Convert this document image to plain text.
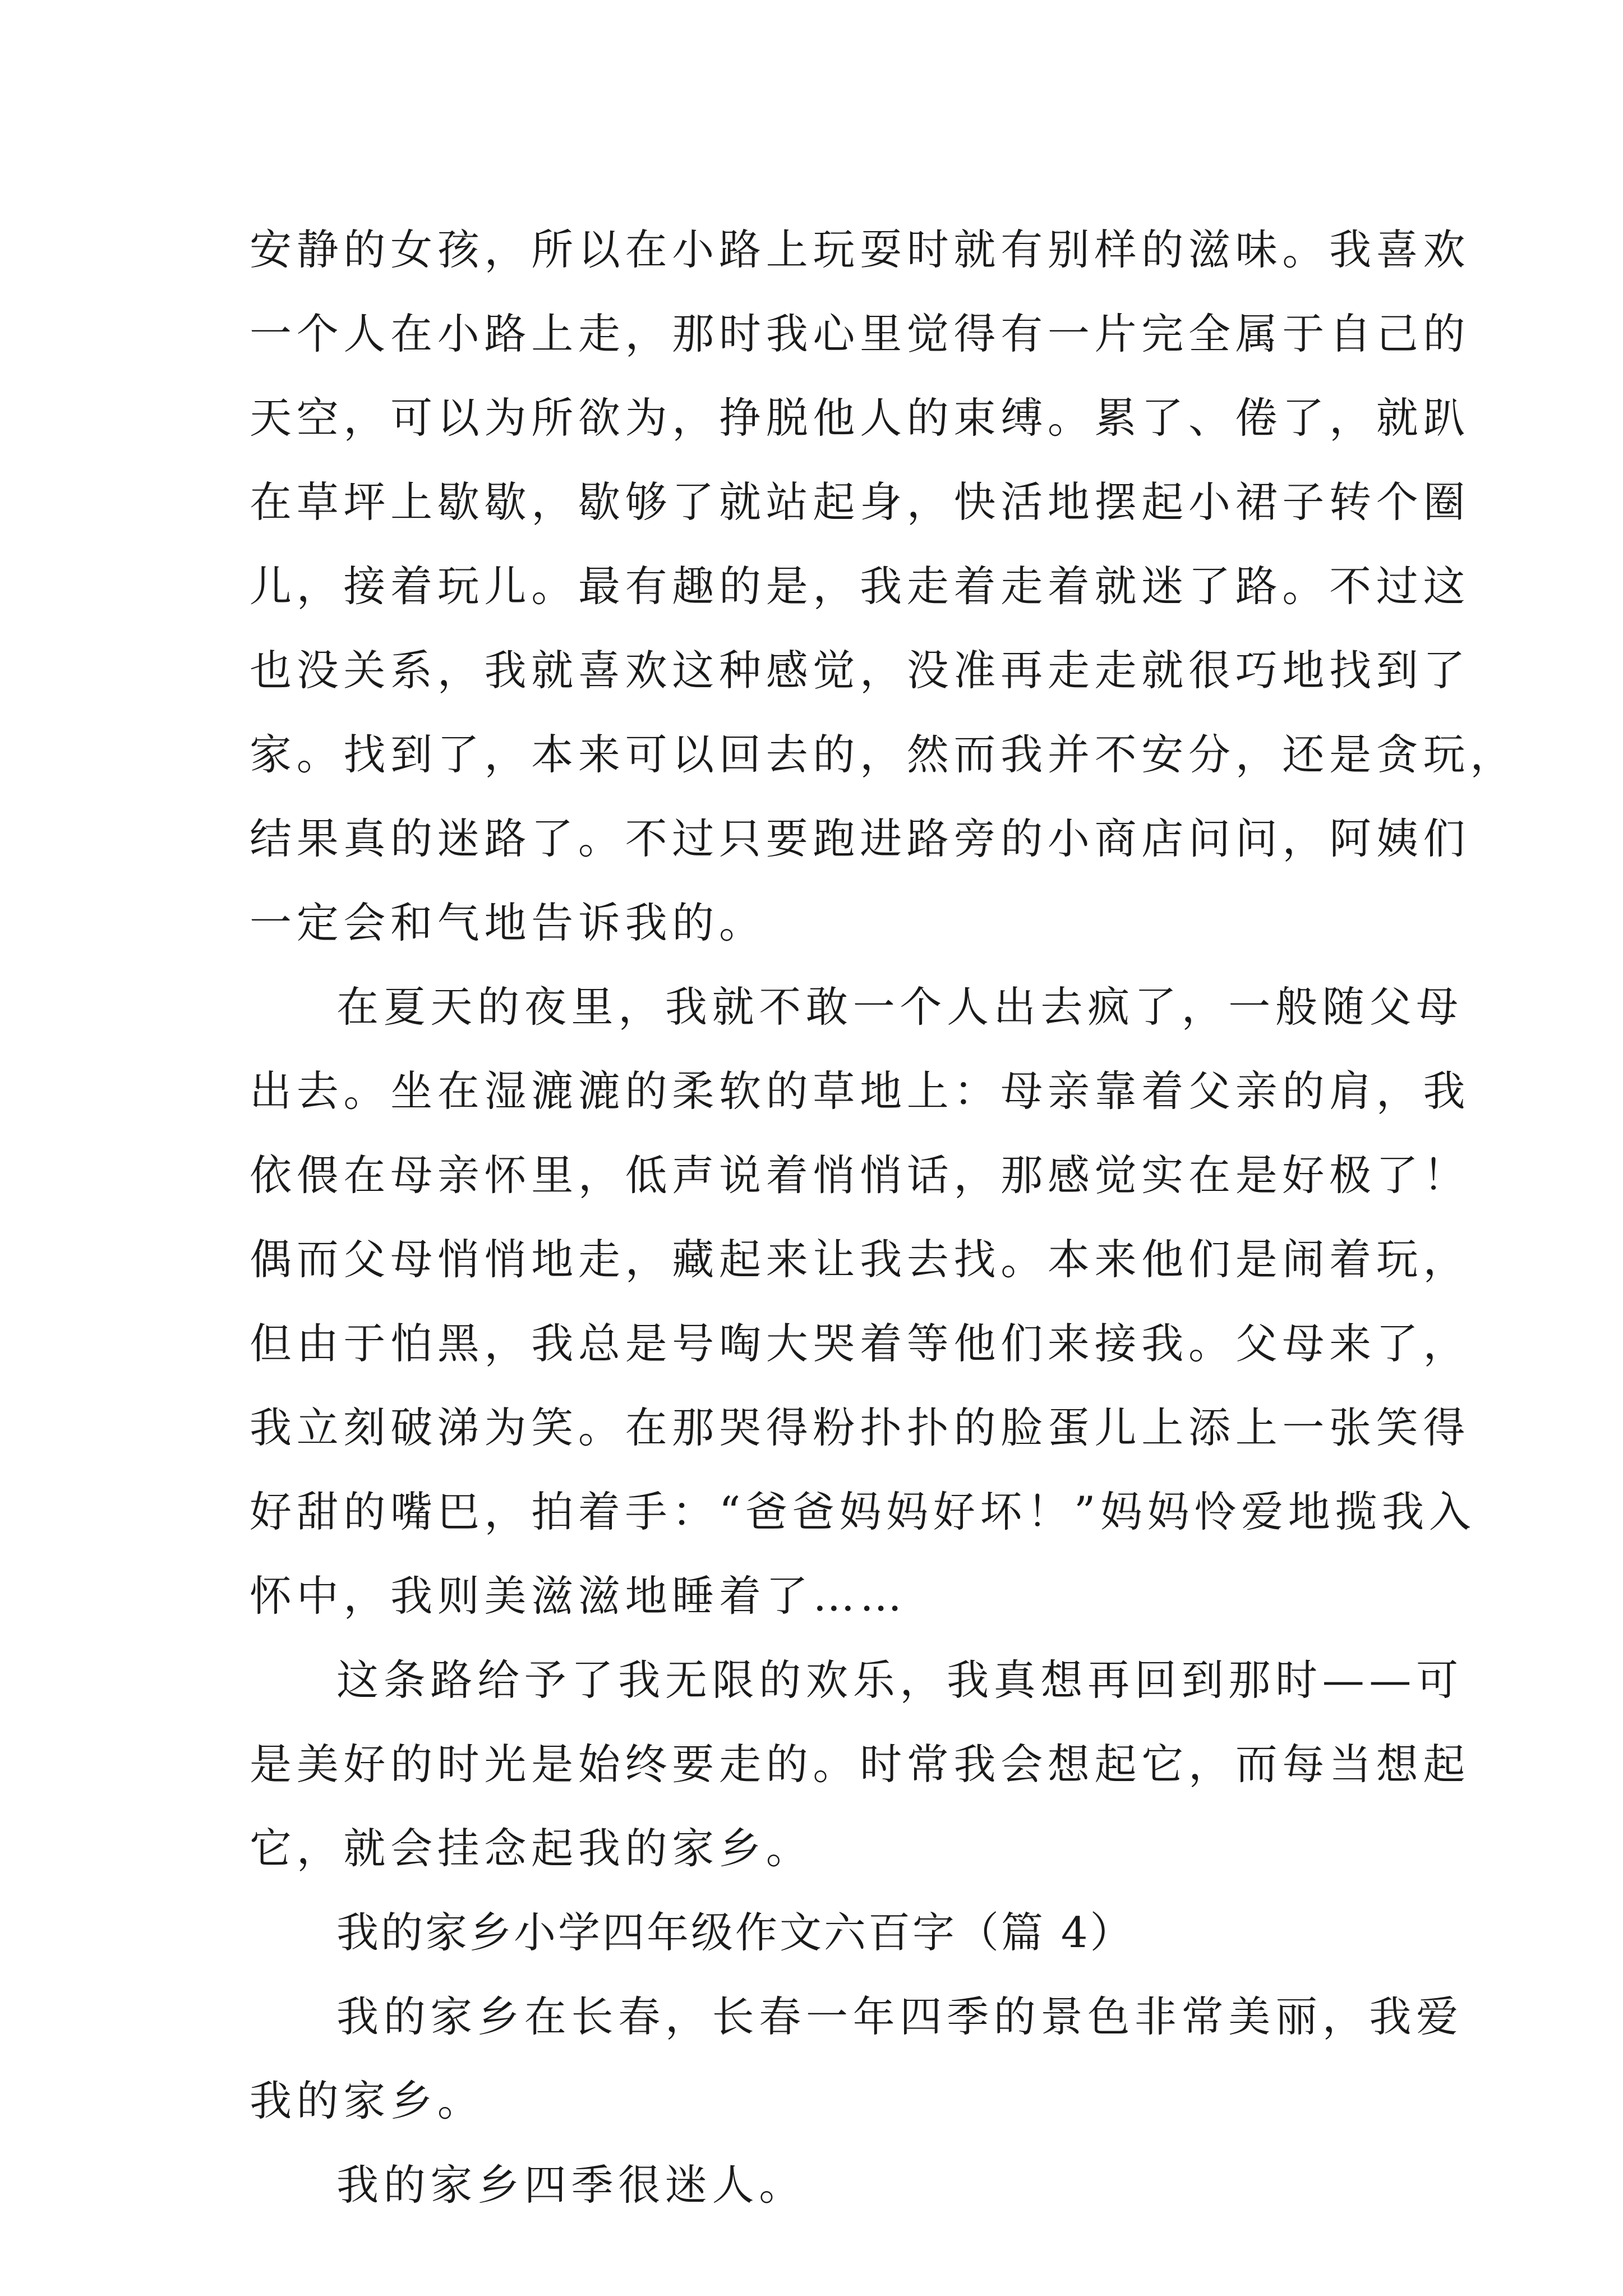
安静的女孩，所以在小路上玩耍时就有别样的滋味。我喜欢
一个人在小路上走，那时我心里觉得有一片完全属于自己的
天空，可以为所欲为，挣脱他人的束缚。累了、倦了，就趴
在草坪上歇歇，歇够了就站起身，快活地摆起小裙子转个圈
儿，接着玩儿。最有趣的是，我走着走着就迷了路。不过这
也没关系，我就喜欢这种感觉，没准再走走就很巧地找到了
家。找到了，本来可以回去的，然而我并不安分，还是贪玩，
结果真的迷路了。不过只要跑进路旁的小商店问问，阿姨们
一定会和气地告诉我的。
在夏天的夜里，我就不敢一个人出去疯了，一般随父母
出去。坐在湿漉漉的柔软的草地上：母亲靠着父亲的肩，我
依偎在母亲怀里，低声说着悄悄话，那感觉实在是好极了！
偶而父母悄悄地走，藏起来让我去找。本来他们是闹着玩，
但由于怕黑，我总是号啕大哭着等他们来接我。父母来了，
我立刻破涕为笑。在那哭得粉扑扑的脸蛋儿上添上一张笑得
好甜的嘴巴，拍着手：“爸爸妈妈好坏！”妈妈怜爱地揽我入
怀中，我则美滋滋地睡着了……
这条路给予了我无限的欢乐，我真想再回到那时——可
是美好的时光是始终要走的。时常我会想起它，而每当想起
它，就会挂念起我的家乡。
我的家乡小学四年级作文六百字（篇 4）
我的家乡在长春，长春一年四季的景色非常美丽，我爱
我的家乡。
我的家乡四季很迷人。
